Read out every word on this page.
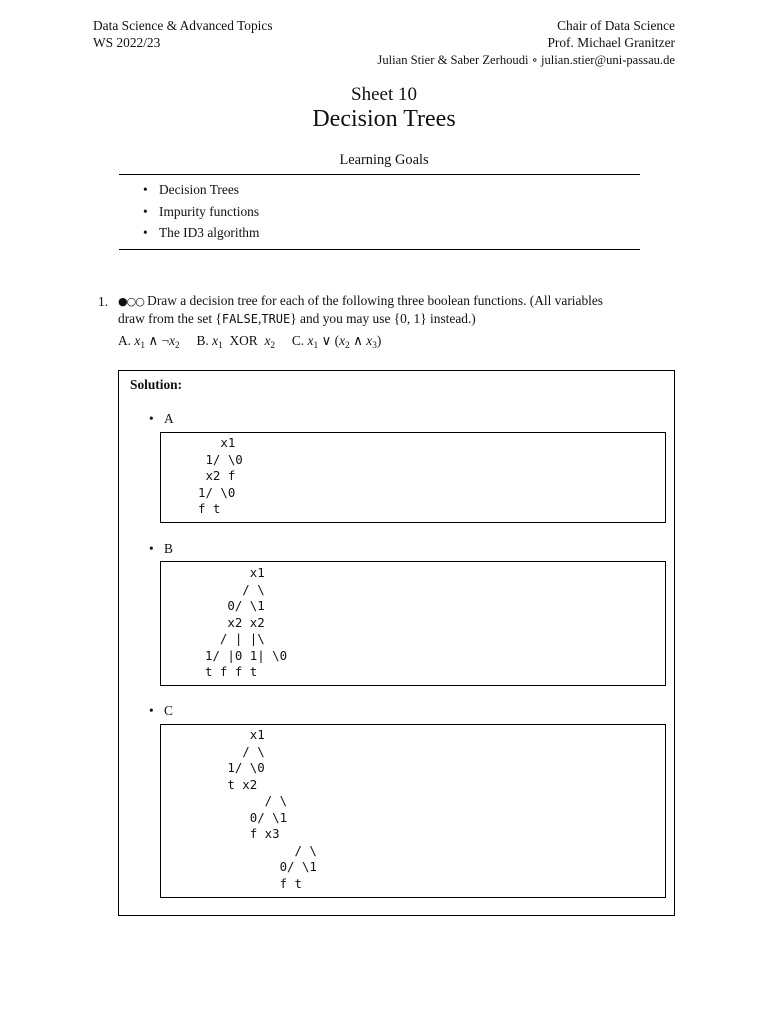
Data Science & Advanced Topics
WS 2022/23
Chair of Data Science
Prof. Michael Granitzer
Julian Stier & Saber Zerhoudi ∘ julian.stier@uni-passau.de
Sheet 10
Decision Trees
Learning Goals
• Decision Trees
• Impurity functions
• The ID3 algorithm
1. ●○○ Draw a decision tree for each of the following three boolean functions. (All variables
draw from the set {FALSE,TRUE} and you may use {0, 1} instead.)
A. $x_1$ ∧ $\neg x_2$ B. $x_1$ XOR $x_2$ C. $x_1$ ∨ ($x_2$ ∧ $x_3$)
Solution:
• A
x1
1/ \0
x2 f
1/ \0
f t
• B
x1
/ \
0/ \1
x2 x2
/ | |\
1/ |0 1| \0
t f f t
• C
x1
/ \
1/ \0
t x2
/ \
0/ \1
f x3
/ \
0/ \1
f t
